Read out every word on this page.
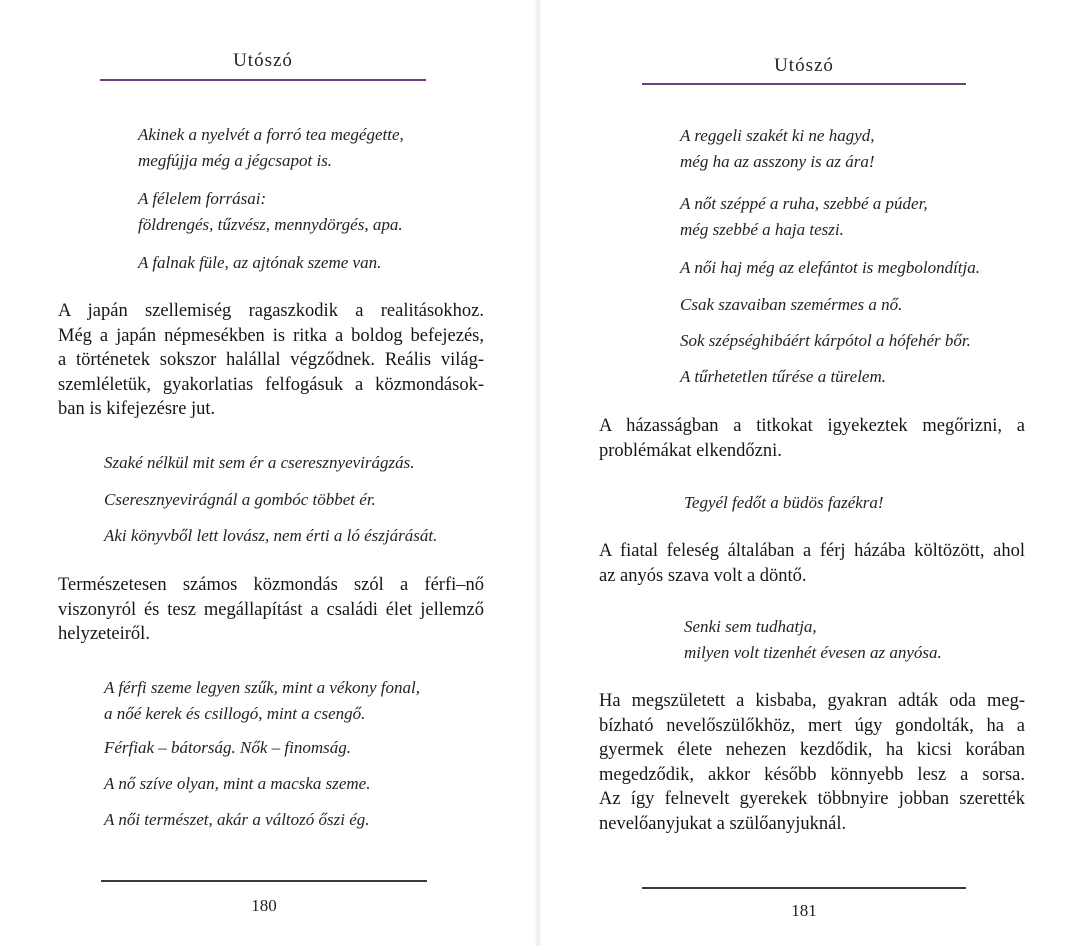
Utószó
Akinek a nyelvét a forró tea megégette,
megfújja még a jégcsapot is.
A félelem forrásai:
földrengés, tűzvész, mennydörgés, apa.
A falnak füle, az ajtónak szeme van.
A japán szellemiség ragaszkodik a realitásokhoz.
Még a japán népmesékben is ritka a boldog befejezés,
a történetek sokszor halállal végződnek. Reális világ-
szemléletük, gyakorlatias felfogásuk a közmondások-
ban is kifejezésre jut.
Szaké nélkül mit sem ér a cseresznyevirágzás.
Cseresznyevirágnál a gombóc többet ér.
Aki könyvből lett lovász, nem érti a ló észjárását.
Természetesen számos közmondás szól a férfi–nő
viszonyról és tesz megállapítást a családi élet jellemző
helyzeteiről.
A férfi szeme legyen szűk, mint a vékony fonal,
a nőé kerek és csillogó, mint a csengő.
Férfiak – bátorság. Nők – finomság.
A nő szíve olyan, mint a macska szeme.
A női természet, akár a változó őszi ég.
180
Utószó
A reggeli szakét ki ne hagyd,
még ha az asszony is az ára!
A nőt széppé a ruha, szebbé a púder,
még szebbé a haja teszi.
A női haj még az elefántot is megbolondítja.
Csak szavaiban szemérmes a nő.
Sok szépséghibáért kárpótol a hófehér bőr.
A tűrhetetlen tűrése a türelem.
A házasságban a titkokat igyekeztek megőrizni, a
problémákat elkendőzni.
Tegyél fedőt a büdös fazékra!
A fiatal feleség általában a férj házába költözött, ahol
az anyós szava volt a döntő.
Senki sem tudhatja,
milyen volt tizenhét évesen az anyósa.
Ha megszületett a kisbaba, gyakran adták oda meg-
bízható nevelőszülőkhöz, mert úgy gondolták, ha a
gyermek élete nehezen kezdődik, ha kicsi korában
megedződik, akkor később könnyebb lesz a sorsa.
Az így felnevelt gyerekek többnyire jobban szerették
nevelőanyjukat a szülőanyjuknál.
181
